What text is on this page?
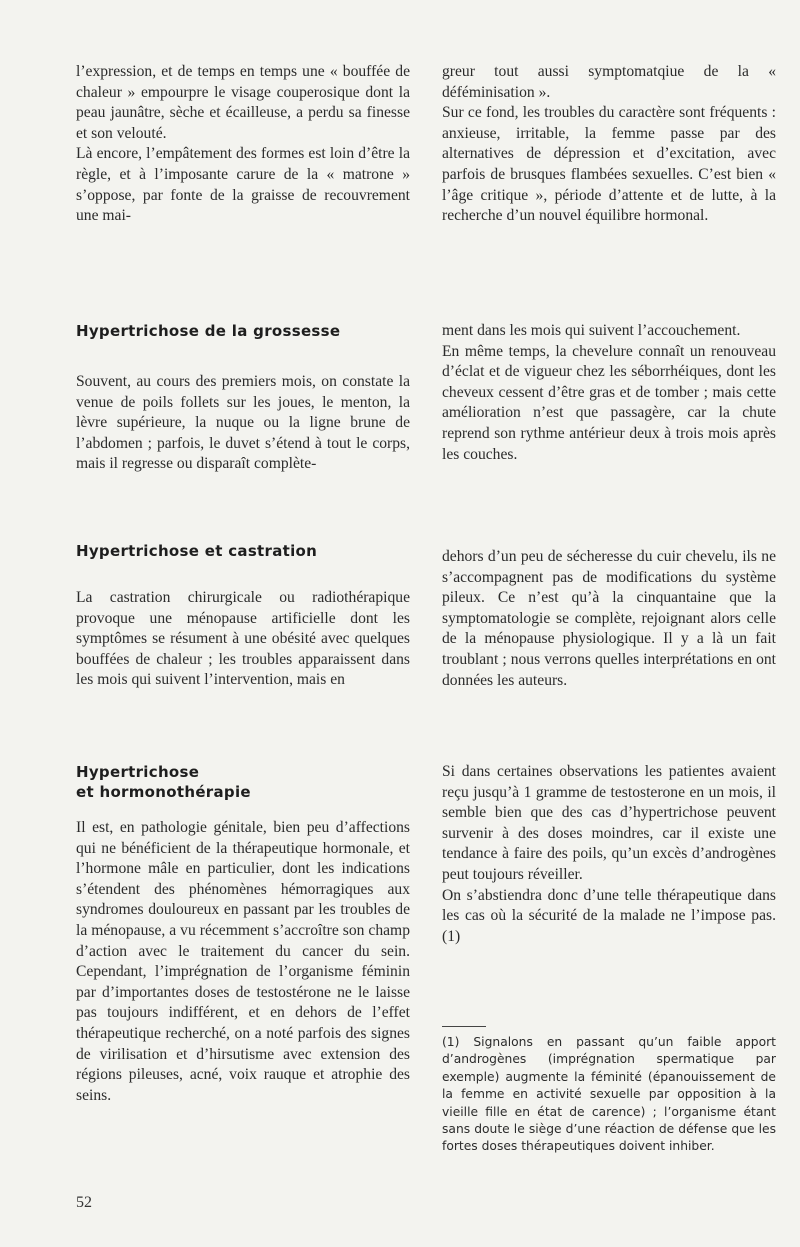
l’expression, et de temps en temps une « bouffée de chaleur » empourpre le visage couperosique dont la peau jaunâtre, sèche et écailleuse, a perdu sa finesse et son velouté.

Là encore, l’empâtement des formes est loin d’être la règle, et à l’imposante carure de la « matrone » s’oppose, par fonte de la graisse de recouvrement une mai-

greur tout aussi symptomatqiue de la « déféminisation ».

Sur ce fond, les troubles du caractère sont fréquents : anxieuse, irritable, la femme passe par des alternatives de dépression et d’excitation, avec parfois de brusques flambées sexuelles. C’est bien « l’âge critique », période d’attente et de lutte, à la recherche d’un nouvel équilibre hormonal.

Hypertrichose de la grossesse

Souvent, au cours des premiers mois, on constate la venue de poils follets sur les joues, le menton, la lèvre supérieure, la nuque ou la ligne brune de l’abdomen ; parfois, le duvet s’étend à tout le corps, mais il regresse ou disparaît complète-

ment dans les mois qui suivent l’accouchement.

En même temps, la chevelure connaît un renouveau d’éclat et de vigueur chez les séborrhéiques, dont les cheveux cessent d’être gras et de tomber ; mais cette amélioration n’est que passagère, car la chute reprend son rythme antérieur deux à trois mois après les couches.

Hypertrichose et castration

La castration chirurgicale ou radiothérapique provoque une ménopause artificielle dont les symptômes se résument à une obésité avec quelques bouffées de chaleur ; les troubles apparaissent dans les mois qui suivent l’intervention, mais en

dehors d’un peu de sécheresse du cuir chevelu, ils ne s’accompagnent pas de modifications du système pileux. Ce n’est qu’à la cinquantaine que la symptomatologie se complète, rejoignant alors celle de la ménopause physiologique. Il y a là un fait troublant ; nous verrons quelles interprétations en ont données les auteurs.

Hypertrichose
et hormonothérapie

Il est, en pathologie génitale, bien peu d’affections qui ne bénéficient de la thérapeutique hormonale, et l’hormone mâle en particulier, dont les indications s’étendent des phénomènes hémorragiques aux syndromes douloureux en passant par les troubles de la ménopause, a vu récemment s’accroître son champ d’action avec le traitement du cancer du sein. Cependant, l’imprégnation de l’organisme féminin par d’importantes doses de testostérone ne le laisse pas toujours indifférent, et en dehors de l’effet thérapeutique recherché, on a noté parfois des signes de virilisation et d’hirsutisme avec extension des régions pileuses, acné, voix rauque et atrophie des seins.

Si dans certaines observations les patientes avaient reçu jusqu’à 1 gramme de testosterone en un mois, il semble bien que des cas d’hypertrichose peuvent survenir à des doses moindres, car il existe une tendance à faire des poils, qu’un excès d’androgènes peut toujours réveiller.

On s’abstiendra donc d’une telle thérapeutique dans les cas où la sécurité de la malade ne l’impose pas. (1)

(1) Signalons en passant qu’un faible apport d’androgènes (imprégnation spermatique par exemple) augmente la féminité (épanouissement de la femme en activité sexuelle par opposition à la vieille fille en état de carence) ; l’organisme étant sans doute le siège d’une réaction de défense que les fortes doses thérapeutiques doivent inhiber.
52
